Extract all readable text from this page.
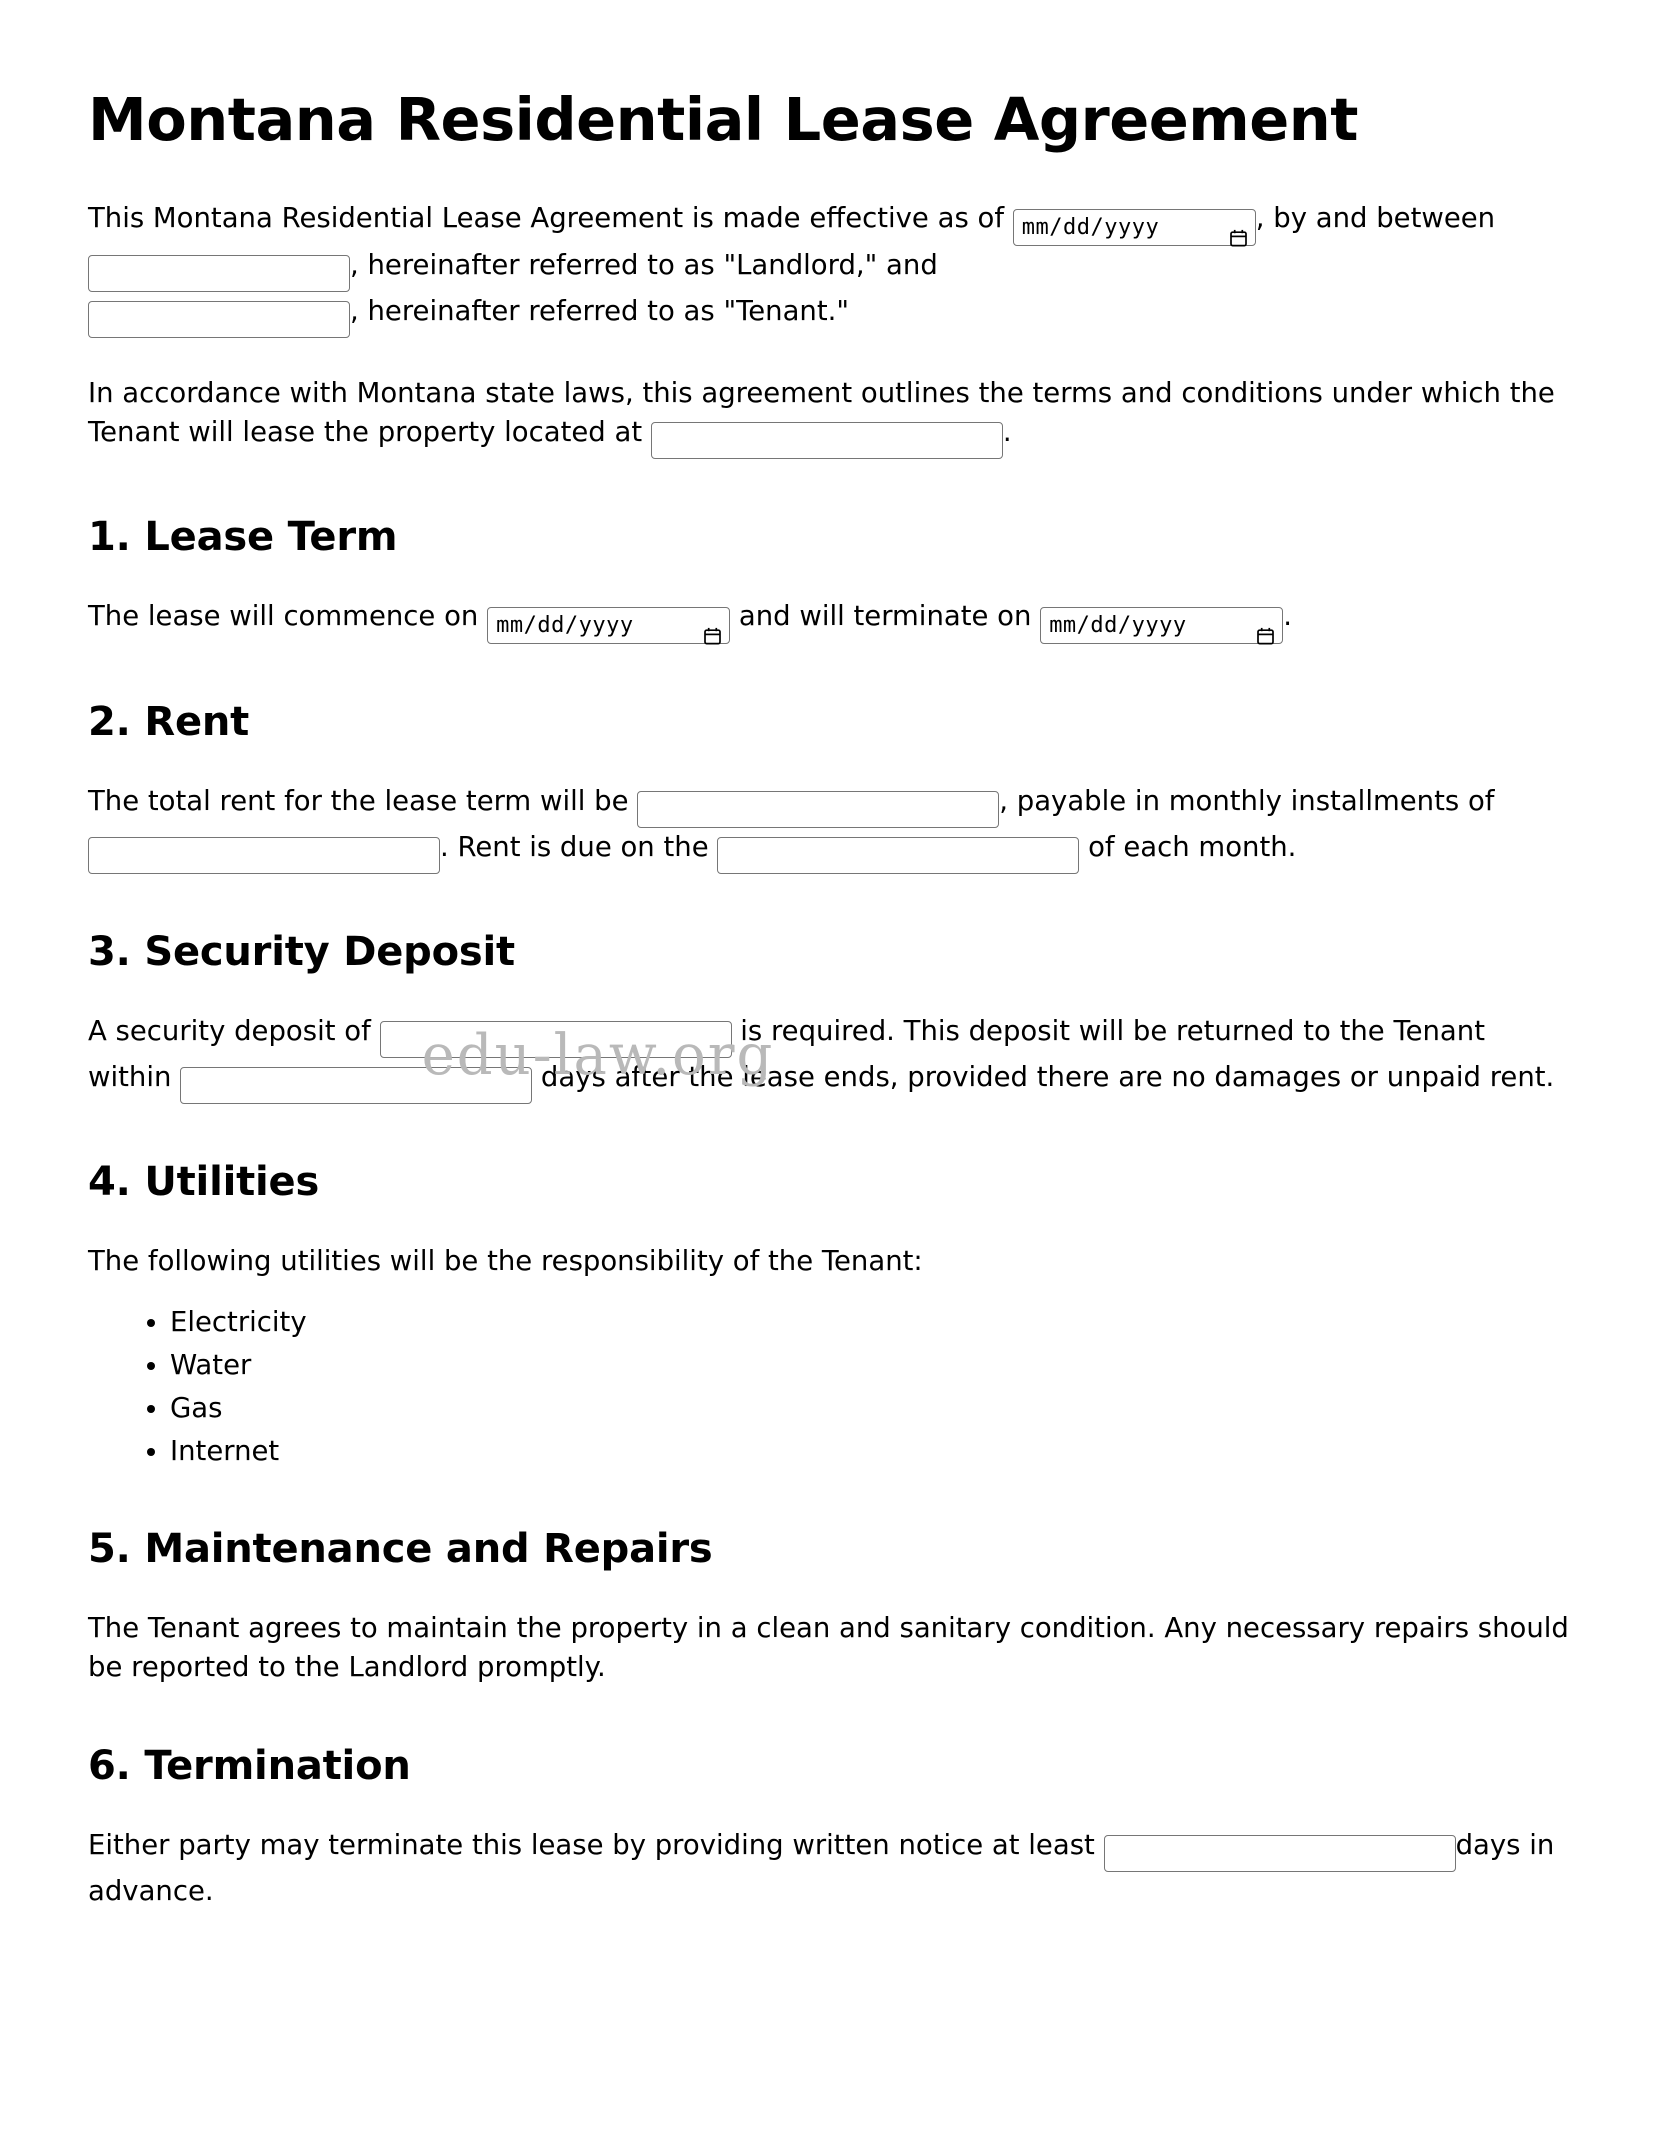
Montana Residential Lease Agreement

This Montana Residential Lease Agreement is made effective as of mm/dd/yyyy	, by and between , hereinafter referred to as "Landlord," and
, hereinafter referred to as "Tenant."

In accordance with Montana state laws, this agreement outlines the terms and conditions under which the Tenant will lease the property located at	.

1. Lease Term

The lease will commence on mm/dd/yyyy	and will terminate on mm/dd/yyyy	.

2. Rent

The total rent for the lease term will be	, payable in monthly installments of . Rent is due on the	of each month.

3. Security Deposit

A security deposit of	is required. This deposit will be returned to the Tenant within	days after the lease ends, provided there are no damages or unpaid rent.

4. Utilities

The following utilities will be the responsibility of the Tenant:

• Electricity
• Water
• Gas
• Internet
5. Maintenance and Repairs

The Tenant agrees to maintain the property in a clean and sanitary condition. Any necessary repairs should be reported to the Landlord promptly.

6. Termination

Either party may terminate this lease by providing written notice at least	days in advance.

edu-law.org
